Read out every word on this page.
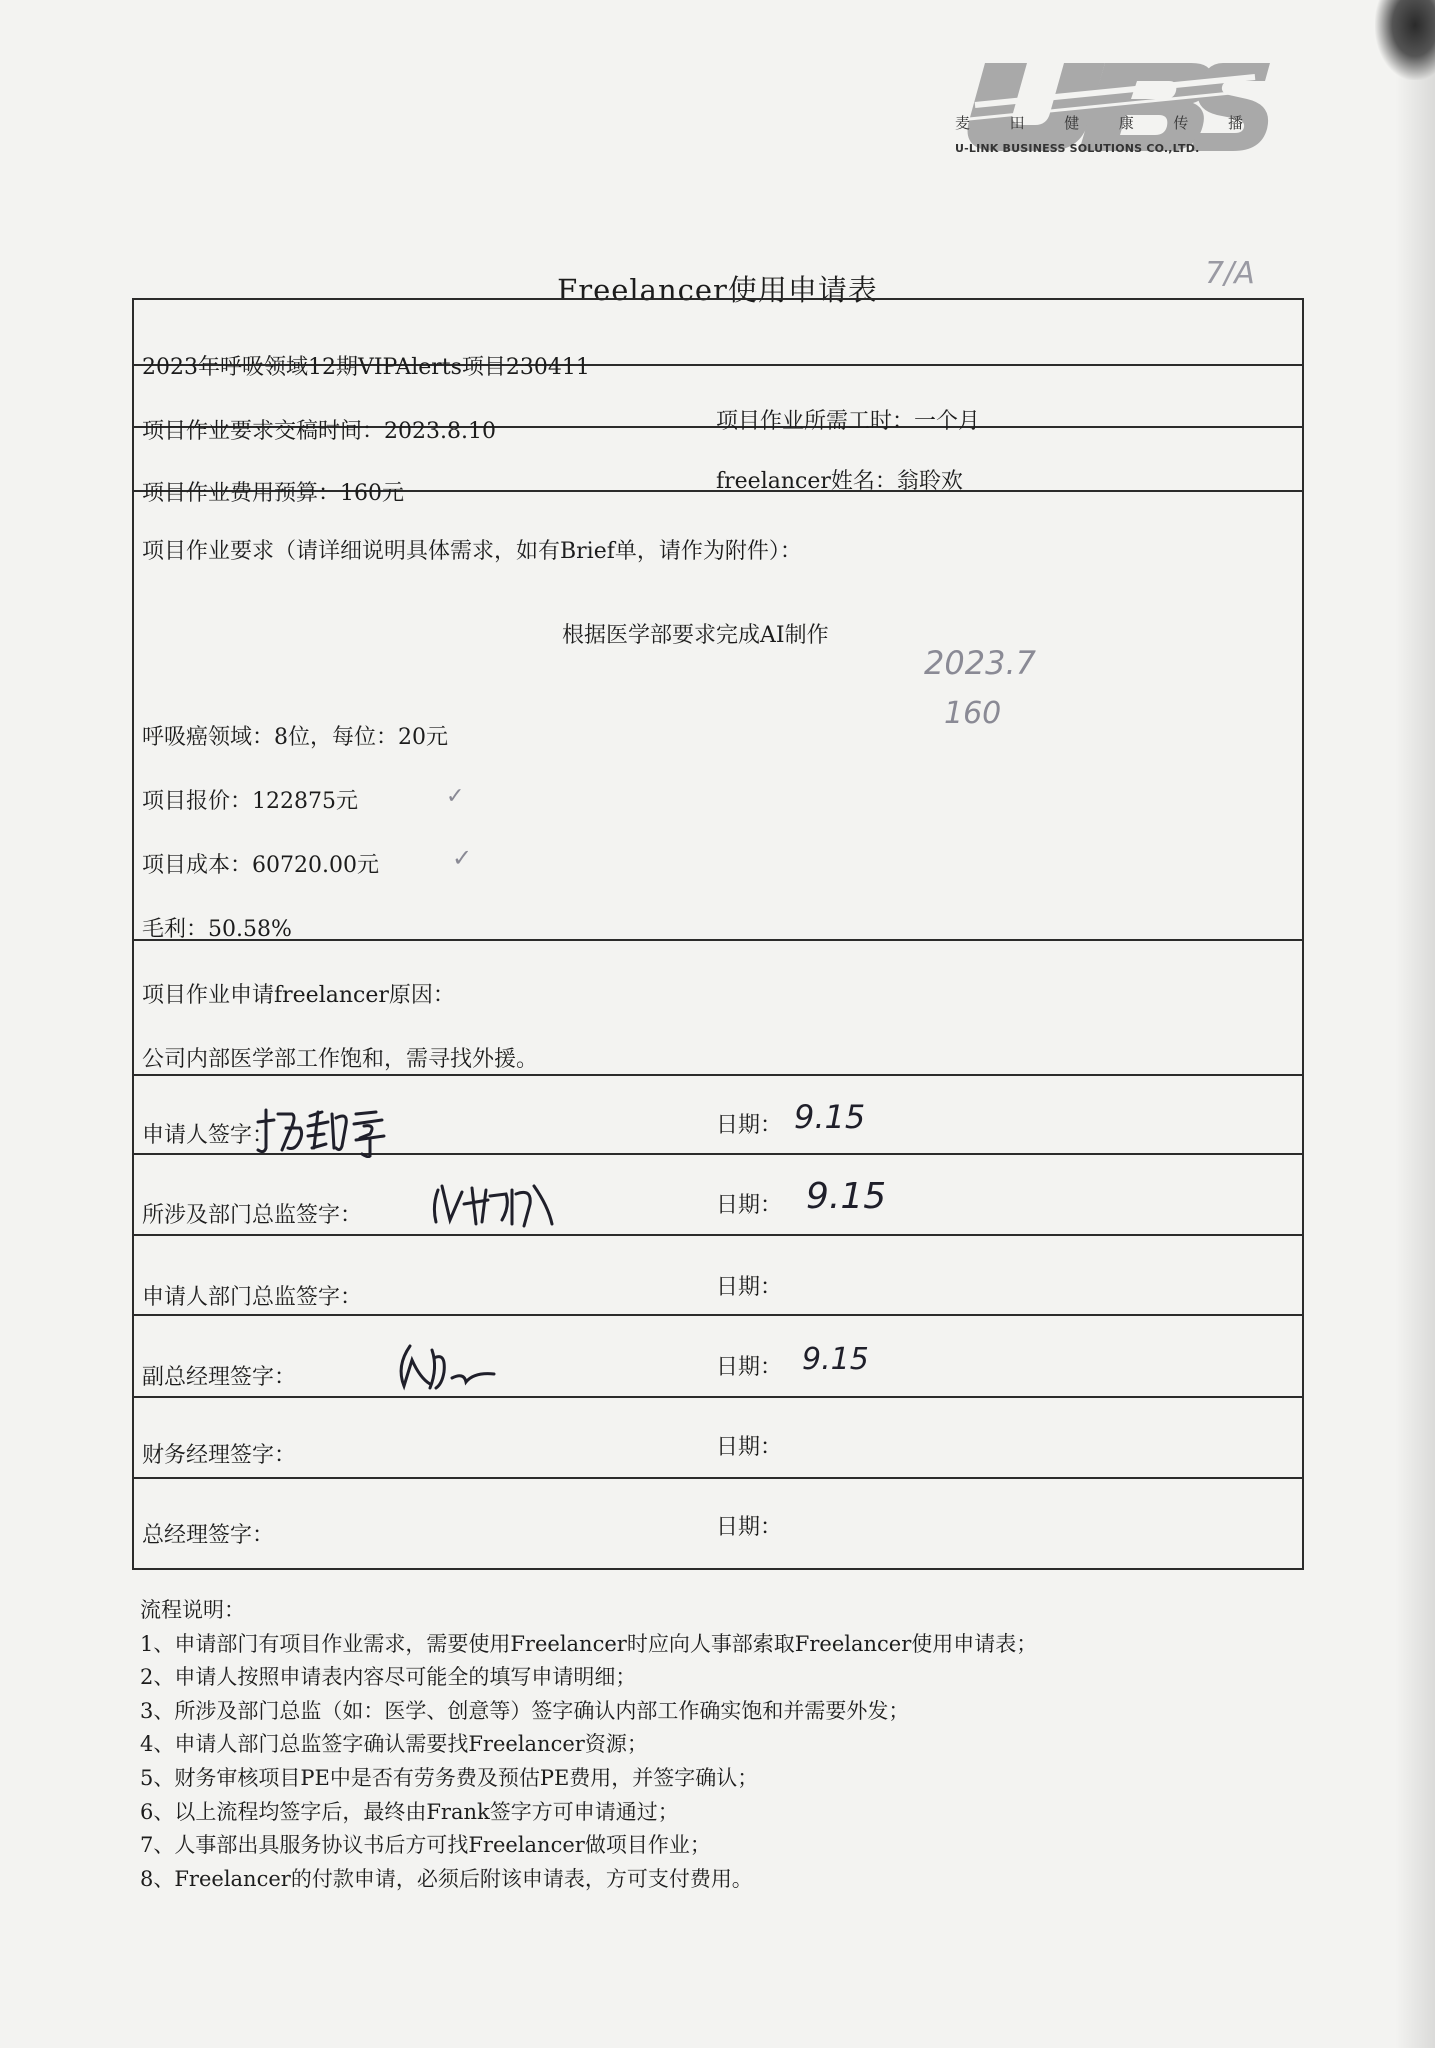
麦	田	健	康	传	播
U-LINK BUSINESS SOLUTIONS CO.,LTD.
Freelancer使用申请表	7/A
2023年呼吸领域12期VIPAlerts项目230411
项目作业要求交稿时间：2023.8.10	项目作业所需工时：一个月
项目作业费用预算：160元	freelancer姓名：翁聆欢
项目作业要求（请详细说明具体需求，如有Brief单，请作为附件）：
根据医学部要求完成AI制作
2023.7
160
呼吸癌领域：8位，每位：20元
项目报价：122875元	✓
项目成本：60720.00元	✓
毛利：50.58%
项目作业申请freelancer原因：
公司内部医学部工作饱和，需寻找外援。
申请人签字：	日期： 9.15
所涉及部门总监签字：	日期： 9.15
申请人部门总监签字：	日期：
副总经理签字：	日期： 9.15
财务经理签字：	日期：
总经理签字：	日期：
流程说明：
1、申请部门有项目作业需求，需要使用Freelancer时应向人事部索取Freelancer使用申请表；
2、申请人按照申请表内容尽可能全的填写申请明细；
3、所涉及部门总监（如：医学、创意等）签字确认内部工作确实饱和并需要外发；
4、申请人部门总监签字确认需要找Freelancer资源；
5、财务审核项目PE中是否有劳务费及预估PE费用，并签字确认；
6、以上流程均签字后，最终由Frank签字方可申请通过；
7、人事部出具服务协议书后方可找Freelancer做项目作业；
8、Freelancer的付款申请，必须后附该申请表，方可支付费用。
